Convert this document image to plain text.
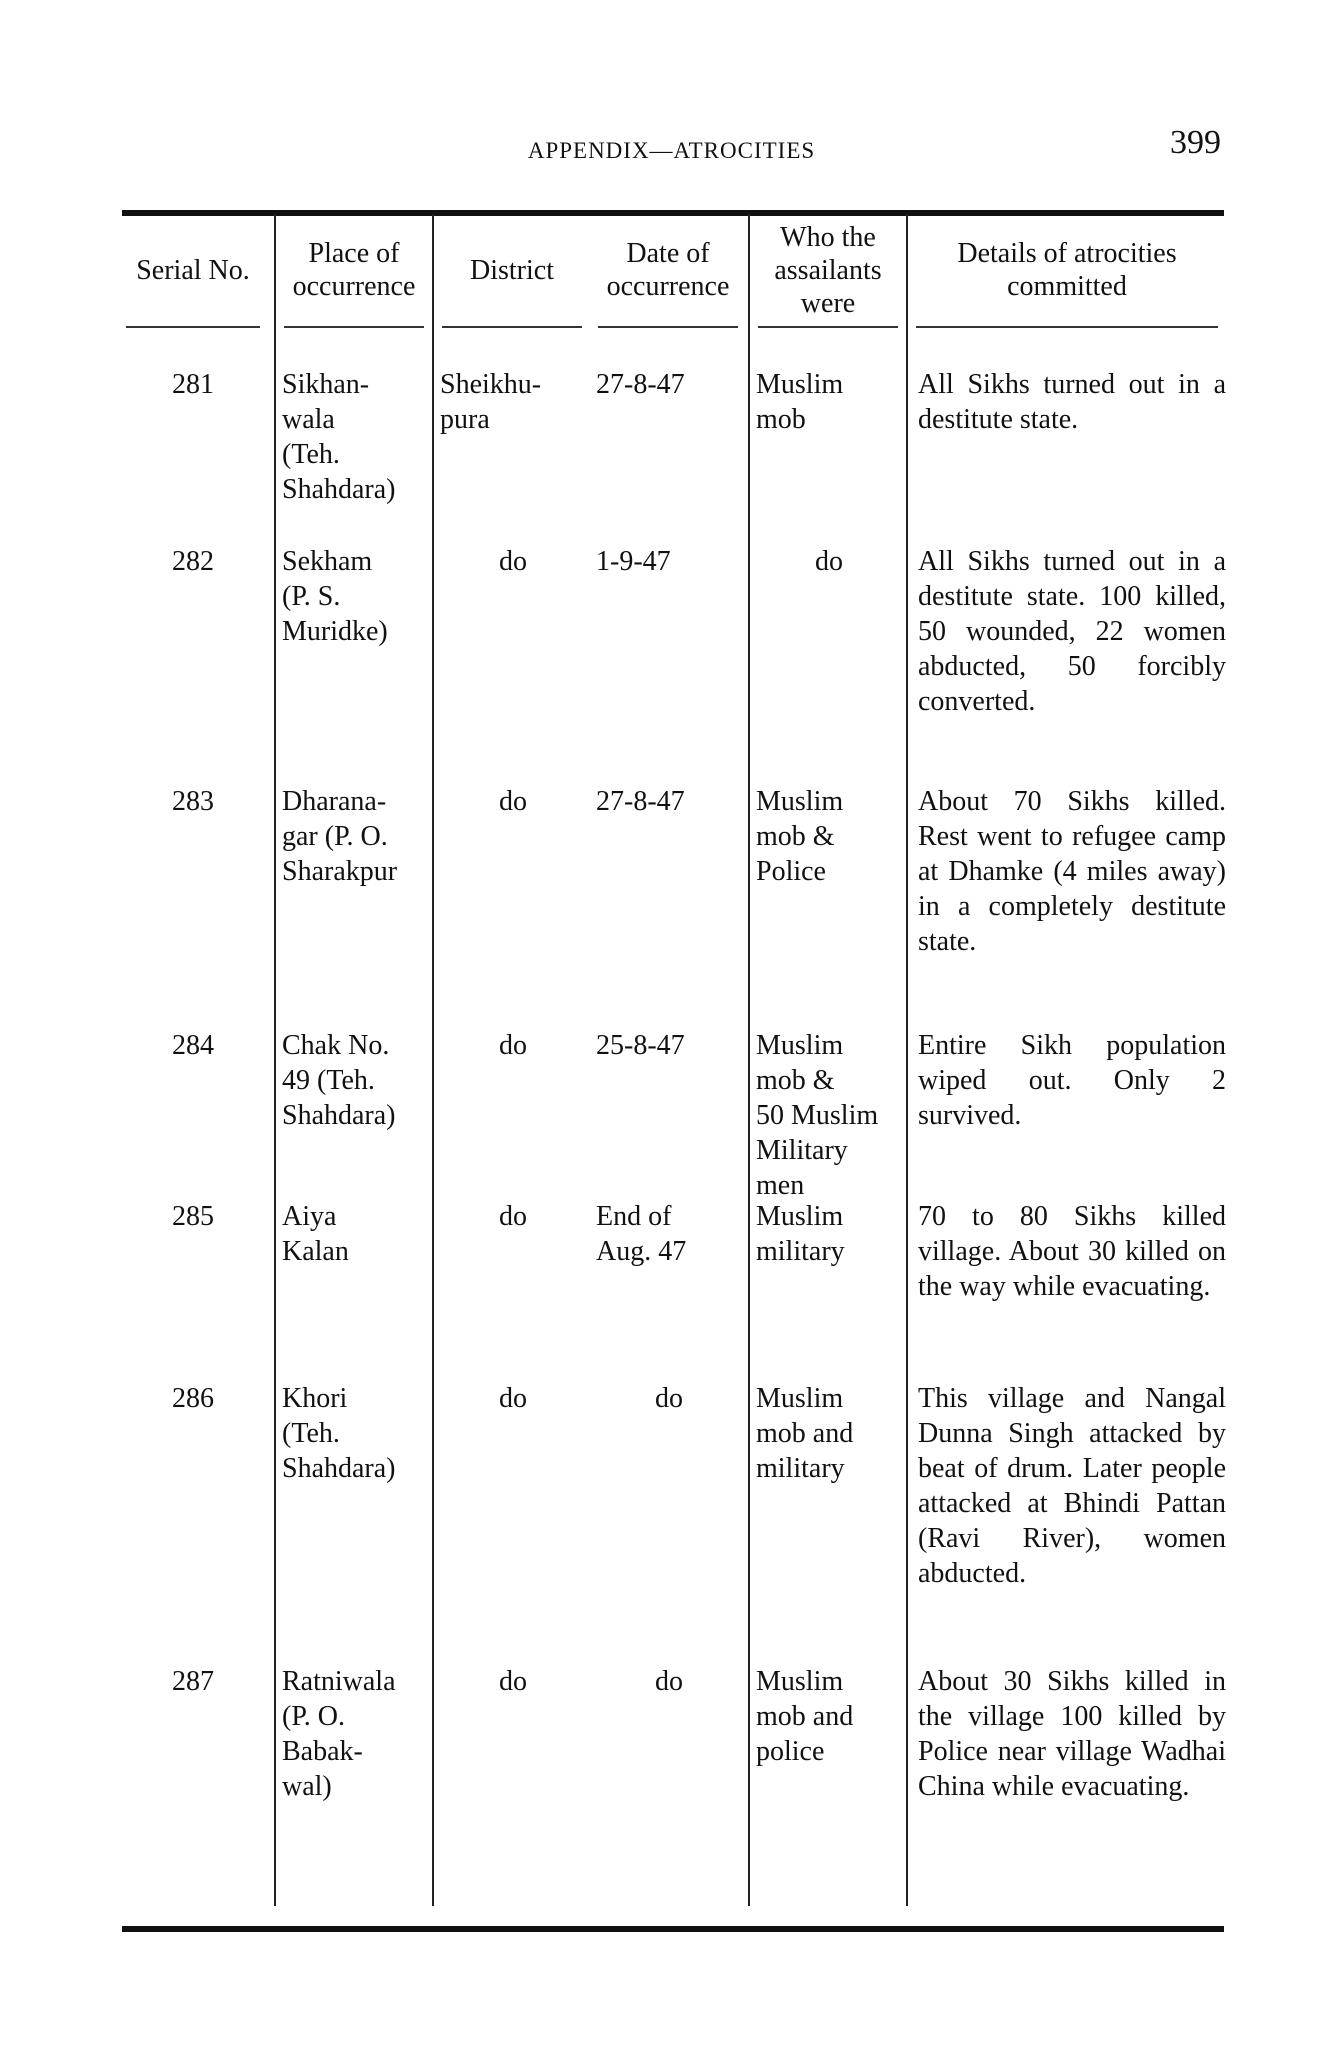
APPENDIX—ATROCITIES	399
Serial No.
281
282
283
284
285
286
287
Place of
occurrence
Sikhan-
wala
(Teh.
Shahdara)
Sekham
(P. S.
Muridke)
Dharana-
gar (P. O.
Sharakpur
Chak No.
49 (Teh.
Shahdara)
Aiya
Kalan
Khori
(Teh.
Shahdara)
Ratniwala
(P. O.
Babak-
wal)
District
Sheikhu-
pura
do
do
do
do
do
do
Date of
occurrence
27-8-47
1-9-47
27-8-47
25-8-47
End of
Aug. 47
do
do
Who the
assailants
were
Muslim
mob
do
Muslim
mob &
Police
Muslim
mob &
50 Muslim
Military
men
Muslim
military
Muslim
mob and
military
Muslim
mob and
police
Details of atrocities
committed
All Sikhs turned out in a destitute state.
All Sikhs turned out in a destitute state. 100 killed, 50 wounded, 22 women abducted, 50 forcibly converted.
About 70 Sikhs killed. Rest went to refugee camp at Dhamke (4 miles away) in a completely destitute state.
Entire Sikh population wiped out. Only 2 survived.
70 to 80 Sikhs killed village. About 30 killed on the way while evacuating.
This village and Nangal Dunna Singh attacked by beat of drum. Later people attacked at Bhindi Pattan (Ravi River), women abducted.
About 30 Sikhs killed in the village 100 killed by Police near village Wadhai China while evacuating.
